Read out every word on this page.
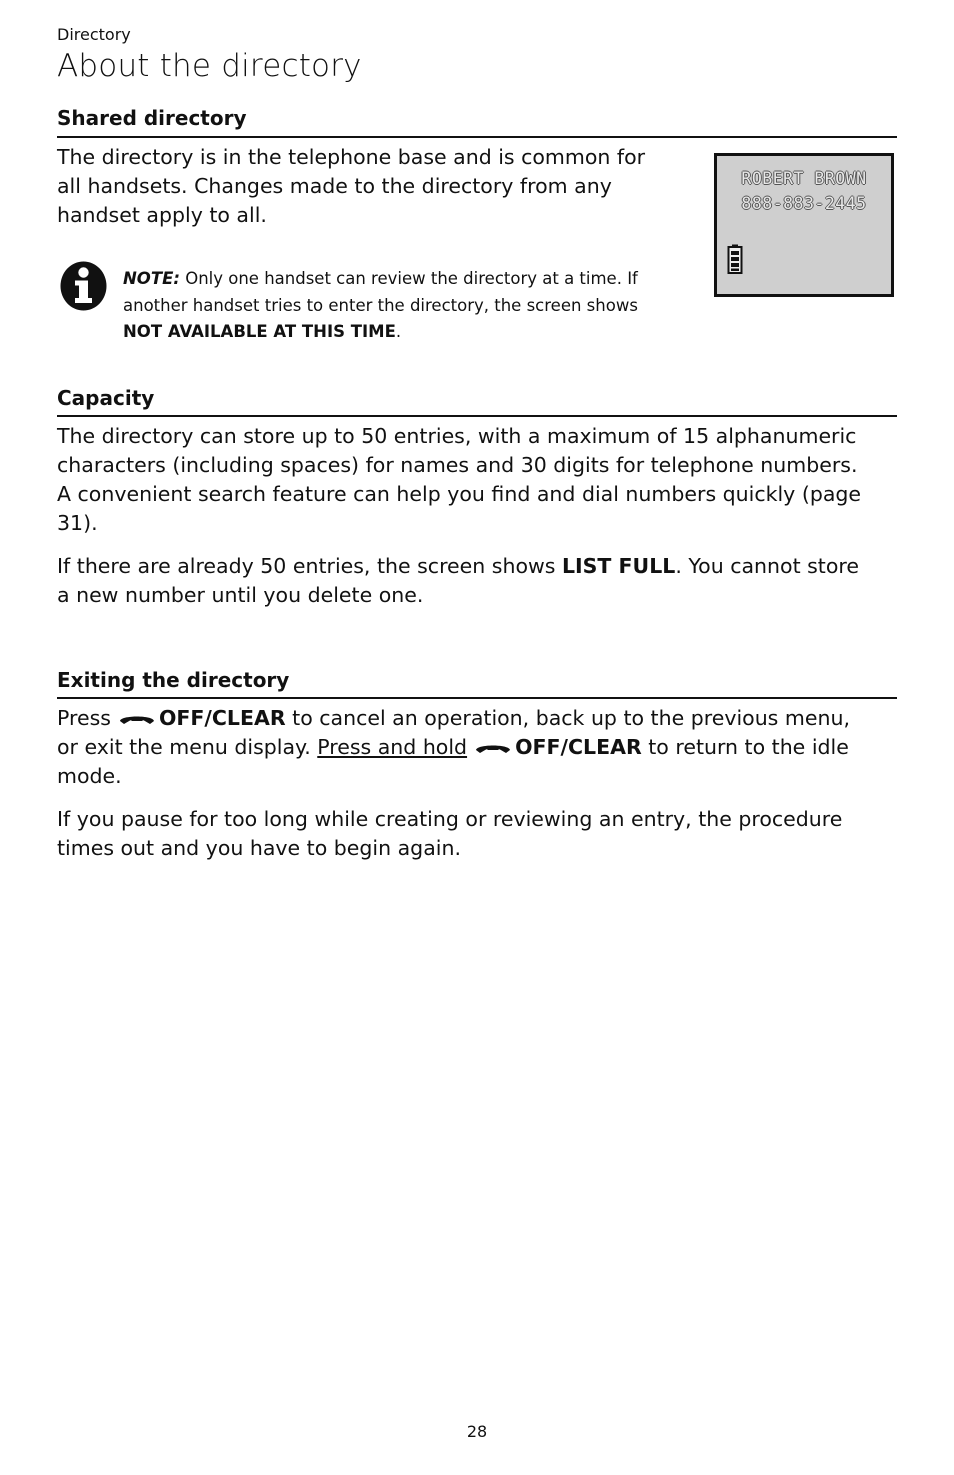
Directory
About the directory
Shared directory
The directory is in the telephone base and is common for
all handsets. Changes made to the directory from any
handset apply to all.
NOTE: Only one handset can review the directory at a time. If
another handset tries to enter the directory, the screen shows
NOT AVAILABLE AT THIS TIME.
ROBERT BROWN
888-883-2445
Capacity
The directory can store up to 50 entries, with a maximum of 15 alphanumeric
characters (including spaces) for names and 30 digits for telephone numbers.
A convenient search feature can help you find and dial numbers quickly (page
31).
If there are already 50 entries, the screen shows LIST FULL. You cannot store
a new number until you delete one.
Exiting the directory
Press OFF/CLEAR to cancel an operation, back up to the previous menu,
or exit the menu display. Press and hold OFF/CLEAR to return to the idle
mode.
If you pause for too long while creating or reviewing an entry, the procedure
times out and you have to begin again.
28
